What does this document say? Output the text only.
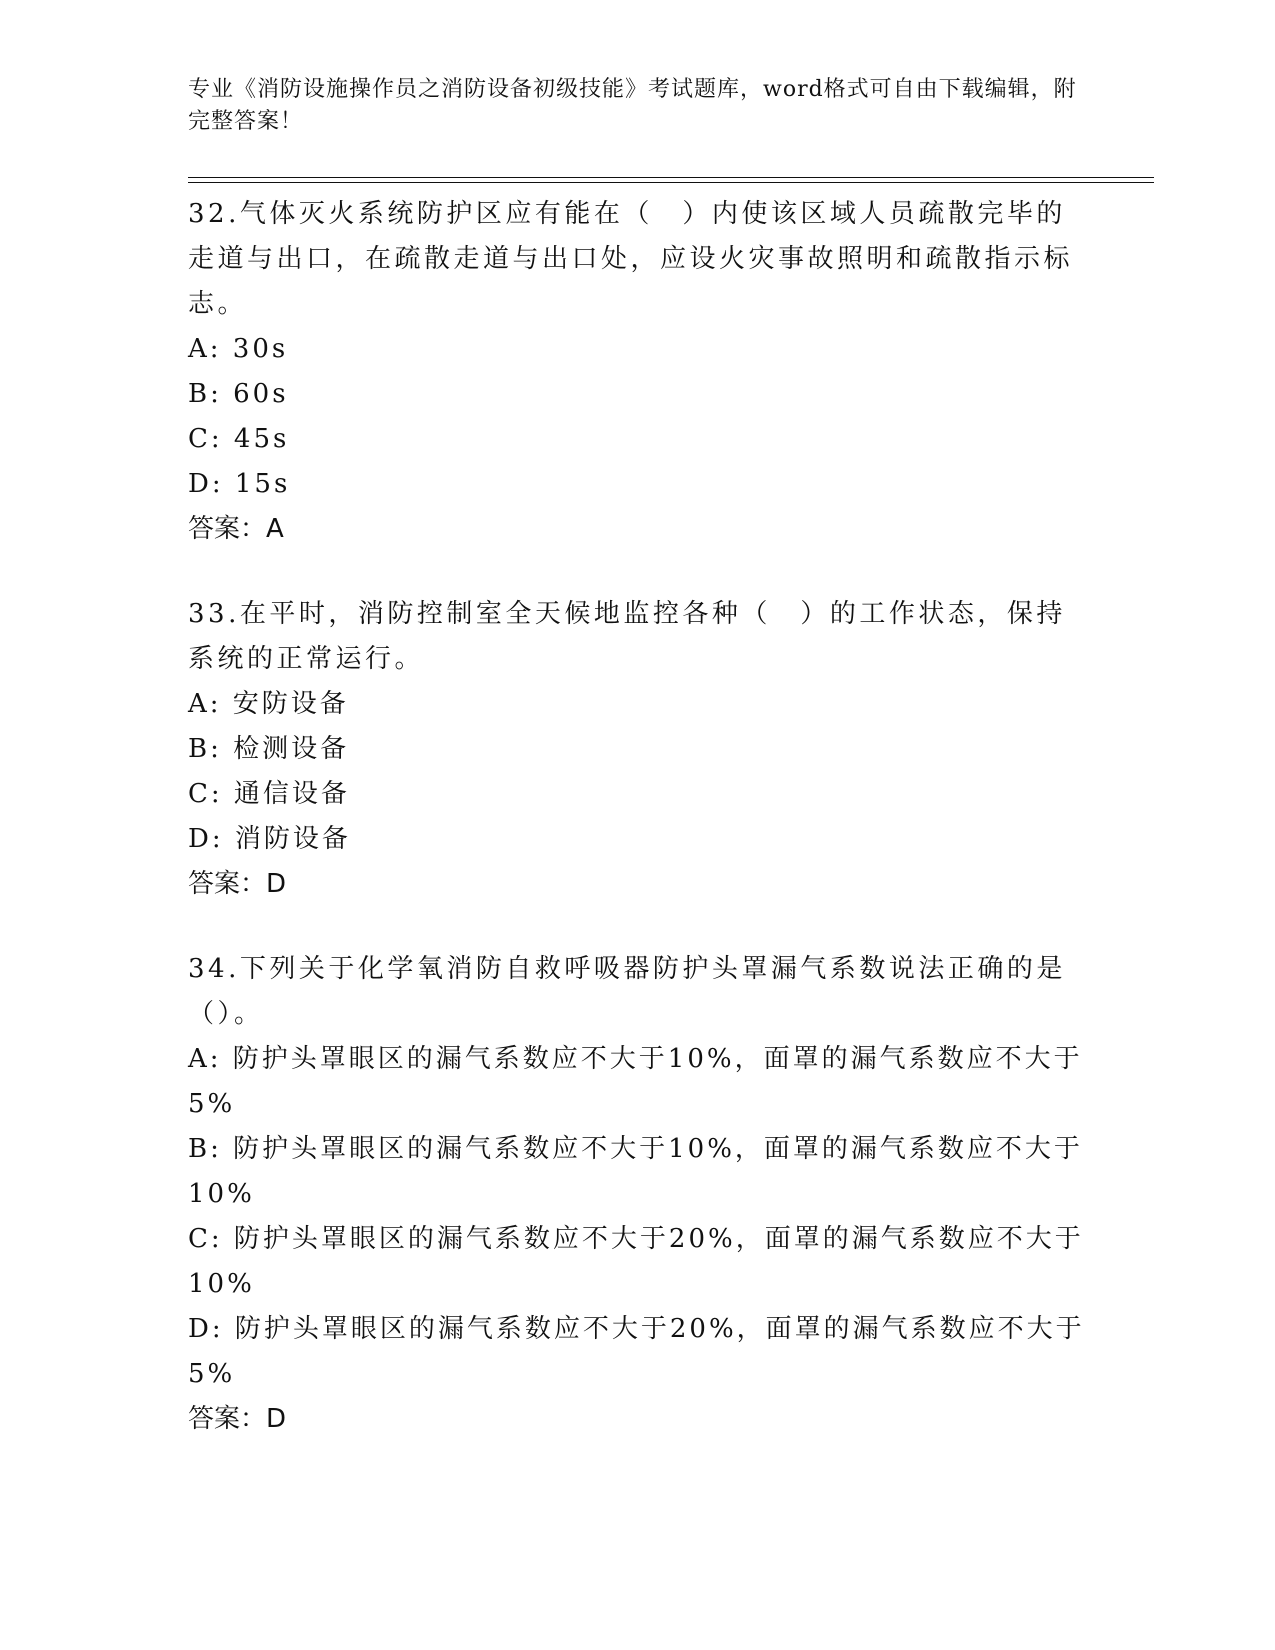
专业《消防设施操作员之消防设备初级技能》考试题库，word格式可自由下载编辑，附完整答案！

32.气体灭火系统防护区应有能在（　）内使该区域人员疏散完毕的走道与出口，在疏散走道与出口处，应设火灾事故照明和疏散指示标志。

A: 30s

B: 60s

C: 45s

D: 15s

答案：A

33.在平时，消防控制室全天候地监控各种（　）的工作状态，保持系统的正常运行。

A: 安防设备

B: 检测设备

C: 通信设备

D: 消防设备

答案：D

34.下列关于化学氧消防自救呼吸器防护头罩漏气系数说法正确的是（）。

A: 防护头罩眼区的漏气系数应不大于10%，面罩的漏气系数应不大于5%

B: 防护头罩眼区的漏气系数应不大于10%，面罩的漏气系数应不大于10%

C: 防护头罩眼区的漏气系数应不大于20%，面罩的漏气系数应不大于10%

D: 防护头罩眼区的漏气系数应不大于20%，面罩的漏气系数应不大于5%

答案：D
